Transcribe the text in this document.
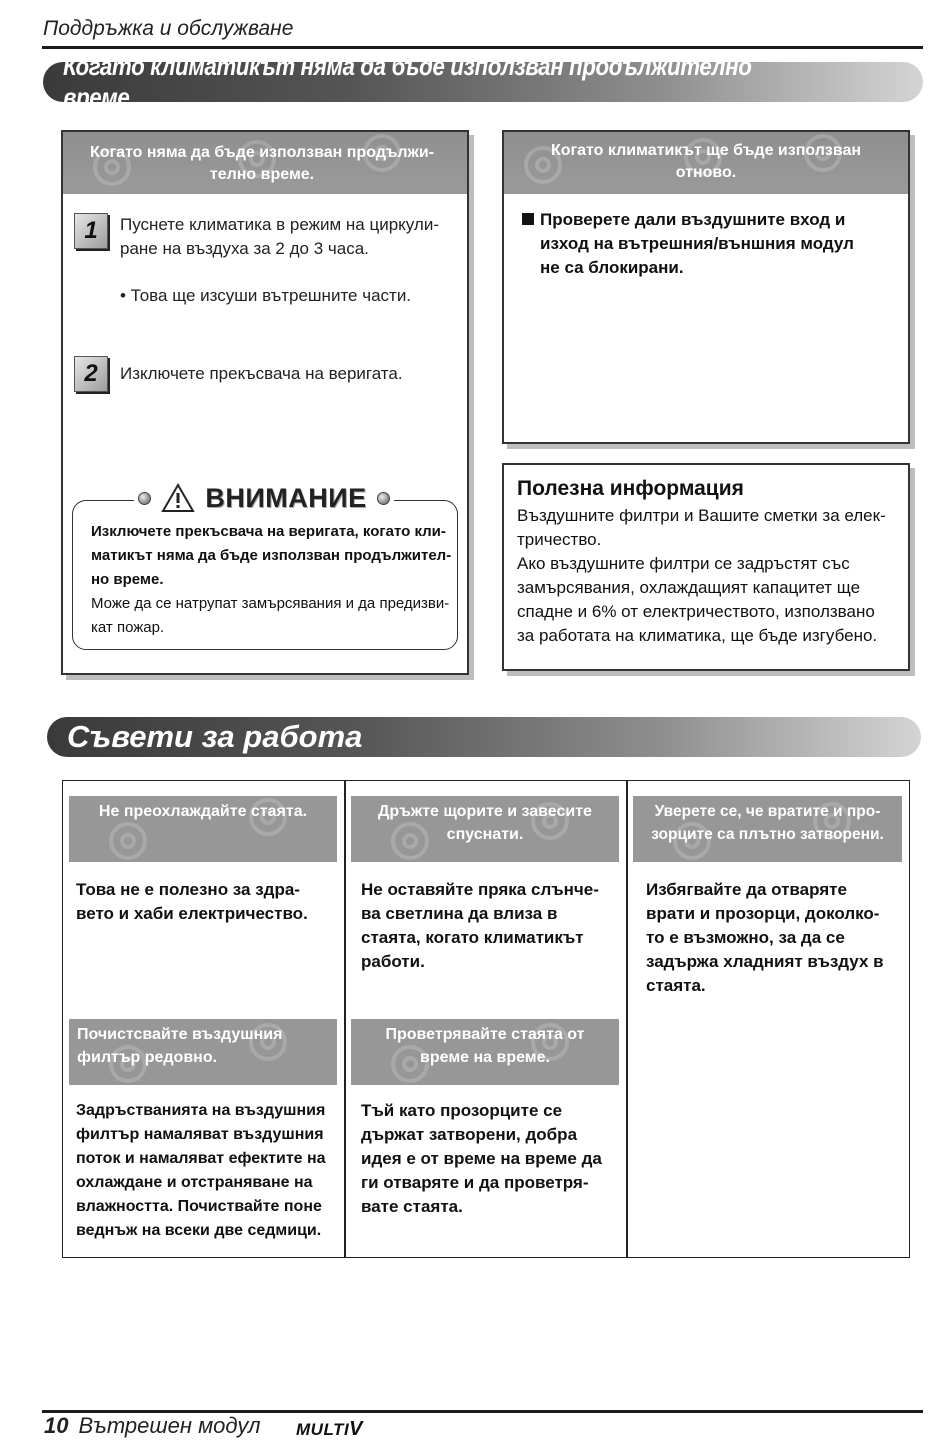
Поддръжка и обслужване
Когато климатикът няма да бъде използван продължително време.
Когато няма да бъде използван продължи-
телно време.
1 Пуснете климатика в режим на циркули-
ране на въздуха за 2 до 3 часа.
• Това ще изсуши вътрешните части.
2 Изключете прекъсвача на веригата.
ВНИМАНИЕ
Изключете прекъсвача на веригата, когато кли-
матикът няма да бъде използван продължител-
но време.
Може да се натрупат замърсявания и да предизви-
кат пожар.
Когато климатикът ще бъде използван
отново.
Проверете дали въздушните вход и
изход на вътрешния/външния модул
не са блокирани.
Полезна информация
Въздушните филтри и Вашите сметки за елек-
тричество.
Ако въздушните филтри се задръстят със
замърсявания, охлаждащият капацитет ще
спадне и 6% от електричеството, използвано
за работата на климатика, ще бъде изгубено.
Съвети за работа
Не преохлаждайте стаята.
Това не е полезно за здра-
вето и хаби електричество.
Дръжте щорите и завесите
спуснати.
Не оставяйте пряка слънче-
ва светлина да влиза в
стаята, когато климатикът
работи.
Уверете се, че вратите и про-
зорците са плътно затворени.
Избягвайте да отваряте
врати и прозорци, доколко-
то е възможно, за да се
задържа хладният въздух в
стаята.
Почистсвайте въздушния
филтър редовно.
Задръстванията на въздушния
филтър намаляват въздушния
поток и намаляват ефектите на
охлаждане и отстраняване на
влажността. Почиствайте поне
веднъж на всеки две седмици.
Проветрявайте стаята от
време на време.
Тъй като прозорците се
държат затворени, добра
идея е от време на време да
ги отваряте и да проветря-
вате стаята.
10 Вътрешен модул MULTIV
